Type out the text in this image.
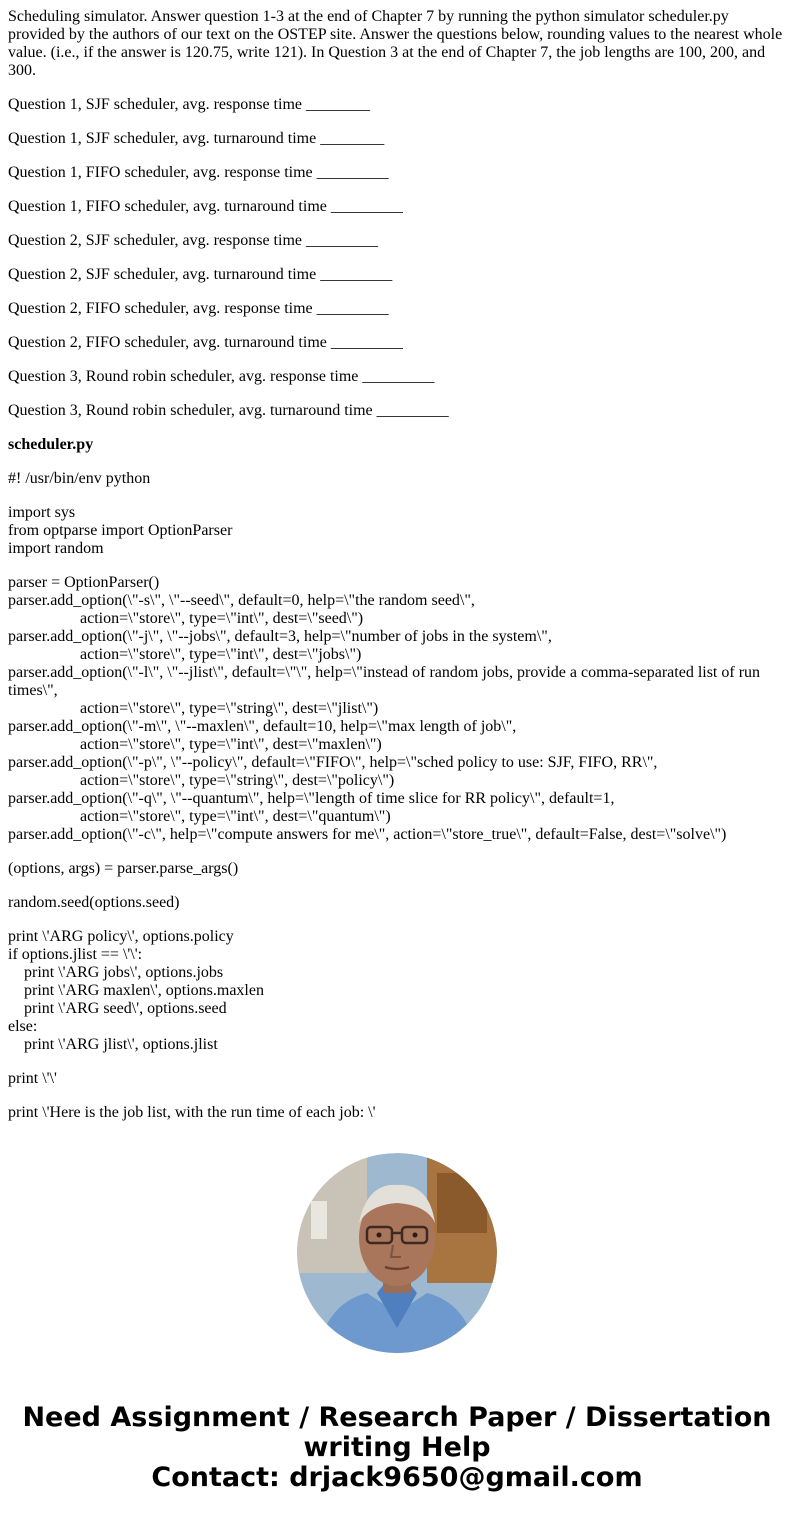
Scheduling simulator. Answer question 1-3 at the end of Chapter 7 by running the python simulator scheduler.py provided by the authors of our text on the OSTEP site. Answer the questions below, rounding values to the nearest whole value. (i.e., if the answer is 120.75, write 121). In Question 3 at the end of Chapter 7, the job lengths are 100, 200, and 300.

Question 1, SJF scheduler, avg. response time ________

Question 1, SJF scheduler, avg. turnaround time ________

Question 1, FIFO scheduler, avg. response time _________

Question 1, FIFO scheduler, avg. turnaround time _________

Question 2, SJF scheduler, avg. response time _________

Question 2, SJF scheduler, avg. turnaround time _________

Question 2, FIFO scheduler, avg. response time _________

Question 2, FIFO scheduler, avg. turnaround time _________

Question 3, Round robin scheduler, avg. response time _________

Question 3, Round robin scheduler, avg. turnaround time _________

scheduler.py

#! /usr/bin/env python
import sys
from optparse import OptionParser
import random
parser = OptionParser()
parser.add_option(\"-s\", \"--seed\", default=0, help=\"the random seed\",
action=\"store\", type=\"int\", dest=\"seed\")
parser.add_option(\"-j\", \"--jobs\", default=3, help=\"number of jobs in the system\",
action=\"store\", type=\"int\", dest=\"jobs\")
parser.add_option(\"-l\", \"--jlist\", default=\"\", help=\"instead of random jobs, provide a comma-separated list of run times\",
action=\"store\", type=\"string\", dest=\"jlist\")
parser.add_option(\"-m\", \"--maxlen\", default=10, help=\"max length of job\",
action=\"store\", type=\"int\", dest=\"maxlen\")
parser.add_option(\"-p\", \"--policy\", default=\"FIFO\", help=\"sched policy to use: SJF, FIFO, RR\",
action=\"store\", type=\"string\", dest=\"policy\")
parser.add_option(\"-q\", \"--quantum\", help=\"length of time slice for RR policy\", default=1,
action=\"store\", type=\"int\", dest=\"quantum\")
parser.add_option(\"-c\", help=\"compute answers for me\", action=\"store_true\", default=False, dest=\"solve\")
(options, args) = parser.parse_args()
random.seed(options.seed)
print \'ARG policy\', options.policy
if options.jlist == \'\':
print \'ARG jobs\', options.jobs
print \'ARG maxlen\', options.maxlen
print \'ARG seed\', options.seed
else:
print \'ARG jlist\', options.jlist
print \'\'
print \'Here is the job list, with the run time of each job: \'
Need Assignment / Research Paper / Dissertation writing Help
Contact: drjack9650@gmail.com
